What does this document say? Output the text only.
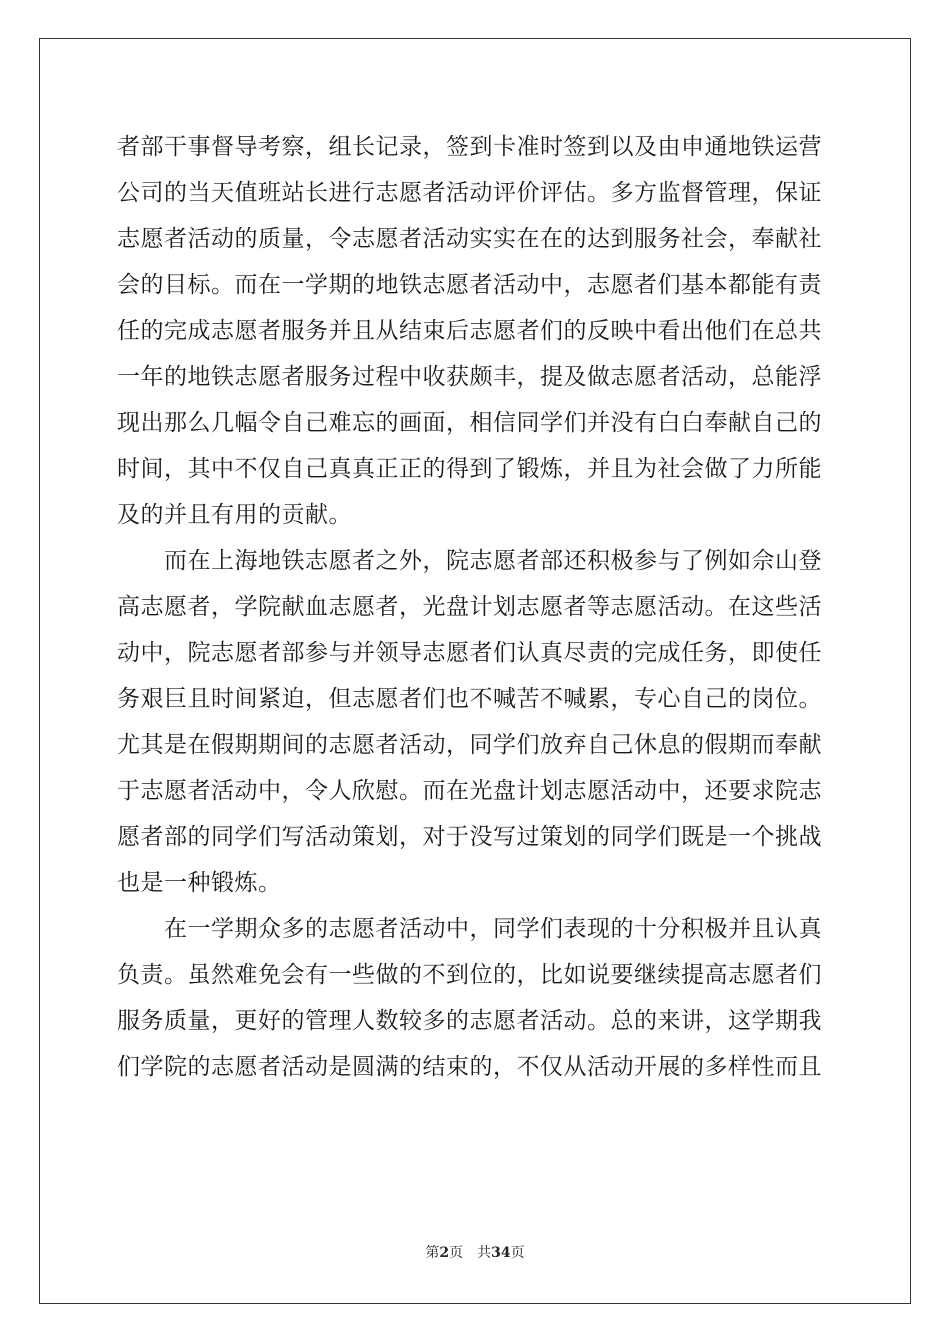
者部干事督导考察，组长记录，签到卡准时签到以及由申通地铁运营
公司的当天值班站长进行志愿者活动评价评估。多方监督管理，保证
志愿者活动的质量，令志愿者活动实实在在的达到服务社会，奉献社
会的目标。而在一学期的地铁志愿者活动中，志愿者们基本都能有责
任的完成志愿者服务并且从结束后志愿者们的反映中看出他们在总共
一年的地铁志愿者服务过程中收获颇丰，提及做志愿者活动，总能浮
现出那么几幅令自己难忘的画面，相信同学们并没有白白奉献自己的
时间，其中不仅自己真真正正的得到了锻炼，并且为社会做了力所能
及的并且有用的贡献。

而在上海地铁志愿者之外，院志愿者部还积极参与了例如佘山登
高志愿者，学院献血志愿者，光盘计划志愿者等志愿活动。在这些活
动中，院志愿者部参与并领导志愿者们认真尽责的完成任务，即使任
务艰巨且时间紧迫，但志愿者们也不喊苦不喊累，专心自己的岗位。
尤其是在假期期间的志愿者活动，同学们放弃自己休息的假期而奉献
于志愿者活动中，令人欣慰。而在光盘计划志愿活动中，还要求院志
愿者部的同学们写活动策划，对于没写过策划的同学们既是一个挑战
也是一种锻炼。

在一学期众多的志愿者活动中，同学们表现的十分积极并且认真
负责。虽然难免会有一些做的不到位的，比如说要继续提高志愿者们
服务质量，更好的管理人数较多的志愿者活动。总的来讲，这学期我
们学院的志愿者活动是圆满的结束的，不仅从活动开展的多样性而且

第2页 共34页
